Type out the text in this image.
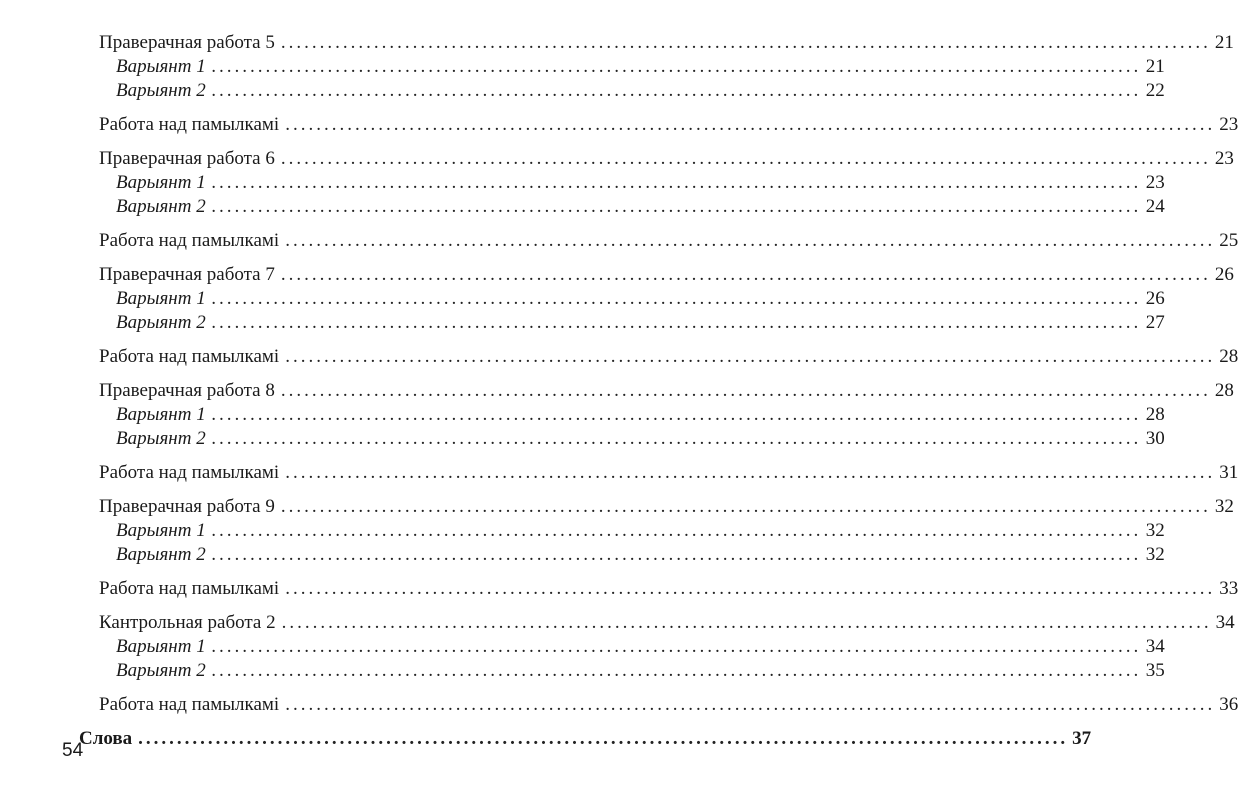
Праверачная работа 5 ........................................................................................................................ 21
Варыянт 1 ........................................................................................................................ 21
Варыянт 2 ........................................................................................................................ 22
Работа над памылкамі ........................................................................................................................ 23
Праверачная работа 6 ........................................................................................................................ 23
Варыянт 1 ........................................................................................................................ 23
Варыянт 2 ........................................................................................................................ 24
Работа над памылкамі ........................................................................................................................ 25
Праверачная работа 7 ........................................................................................................................ 26
Варыянт 1 ........................................................................................................................ 26
Варыянт 2 ........................................................................................................................ 27
Работа над памылкамі ........................................................................................................................ 28
Праверачная работа 8 ........................................................................................................................ 28
Варыянт 1 ........................................................................................................................ 28
Варыянт 2 ........................................................................................................................ 30
Работа над памылкамі ........................................................................................................................ 31
Праверачная работа 9 ........................................................................................................................ 32
Варыянт 1 ........................................................................................................................ 32
Варыянт 2 ........................................................................................................................ 32
Работа над памылкамі ........................................................................................................................ 33
Кантрольная работа 2 ........................................................................................................................ 34
Варыянт 1 ........................................................................................................................ 34
Варыянт 2 ........................................................................................................................ 35
Работа над памылкамі ........................................................................................................................ 36
Слова ........................................................................................................................ 37
54
